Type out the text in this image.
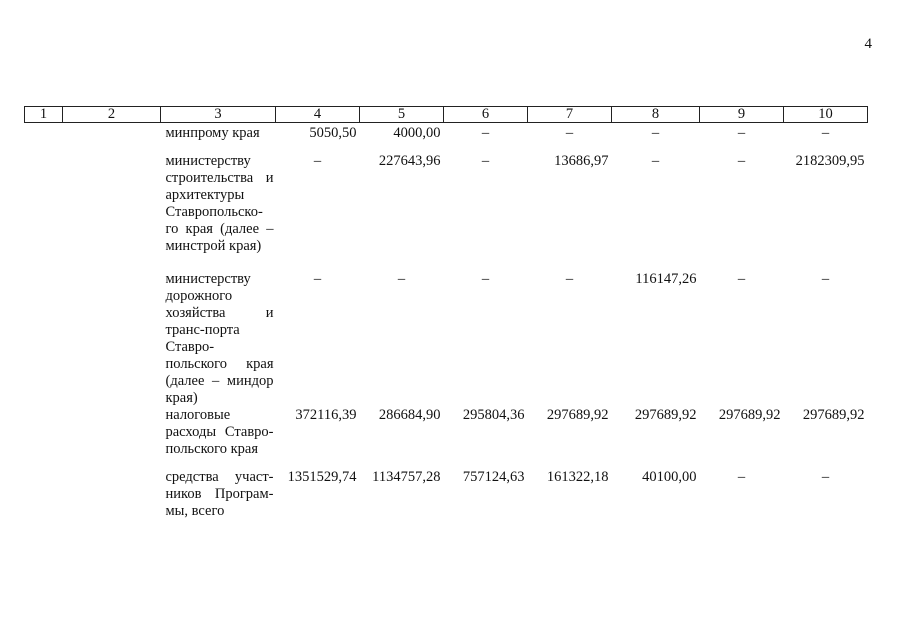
4
1	2	3	4	5	6	7	8	9	10
		минпрому края	5050,50	4000,00	–	–	–	–	–
		министерству строительства и архитектуры Ставропольско-го края (далее – минстрой края)	–	227643,96	–	13686,97	–	–	2182309,95
		министерству дорожного хозяйства и транс-порта Ставро-польского края (далее – миндор края)	–	–	–	–	116147,26	–	–
		налоговые расходы Ставро-польского края	372116,39	286684,90	295804,36	297689,92	297689,92	297689,92	297689,92
		средства участ-ников Програм-мы, всего	1351529,74	1134757,28	757124,63	161322,18	40100,00	–	–
